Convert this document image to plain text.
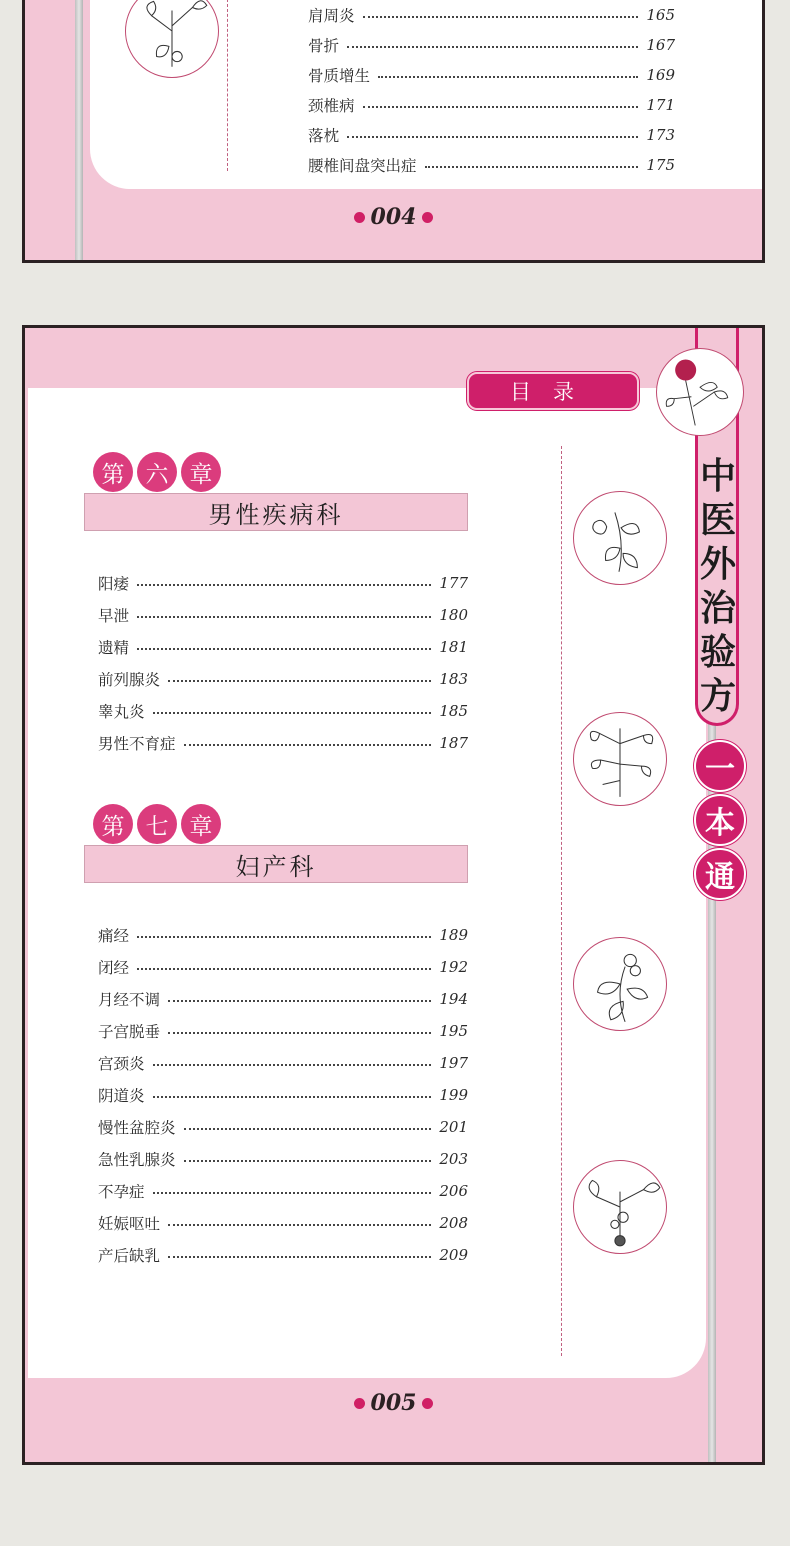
肩周炎	165
骨折	167
骨质增生	169
颈椎病	171
落枕	173
腰椎间盘突出症	175
004
目录
中
医
外
治
验
方
一
本
通
第 六 章
男性疾病科
阳痿	177
早泄	180
遗精	181
前列腺炎	183
睾丸炎	185
男性不育症	187
第 七 章
妇产科
痛经	189
闭经	192
月经不调	194
子宫脱垂	195
宫颈炎	197
阴道炎	199
慢性盆腔炎	201
急性乳腺炎	203
不孕症	206
妊娠呕吐	208
产后缺乳	209
005
